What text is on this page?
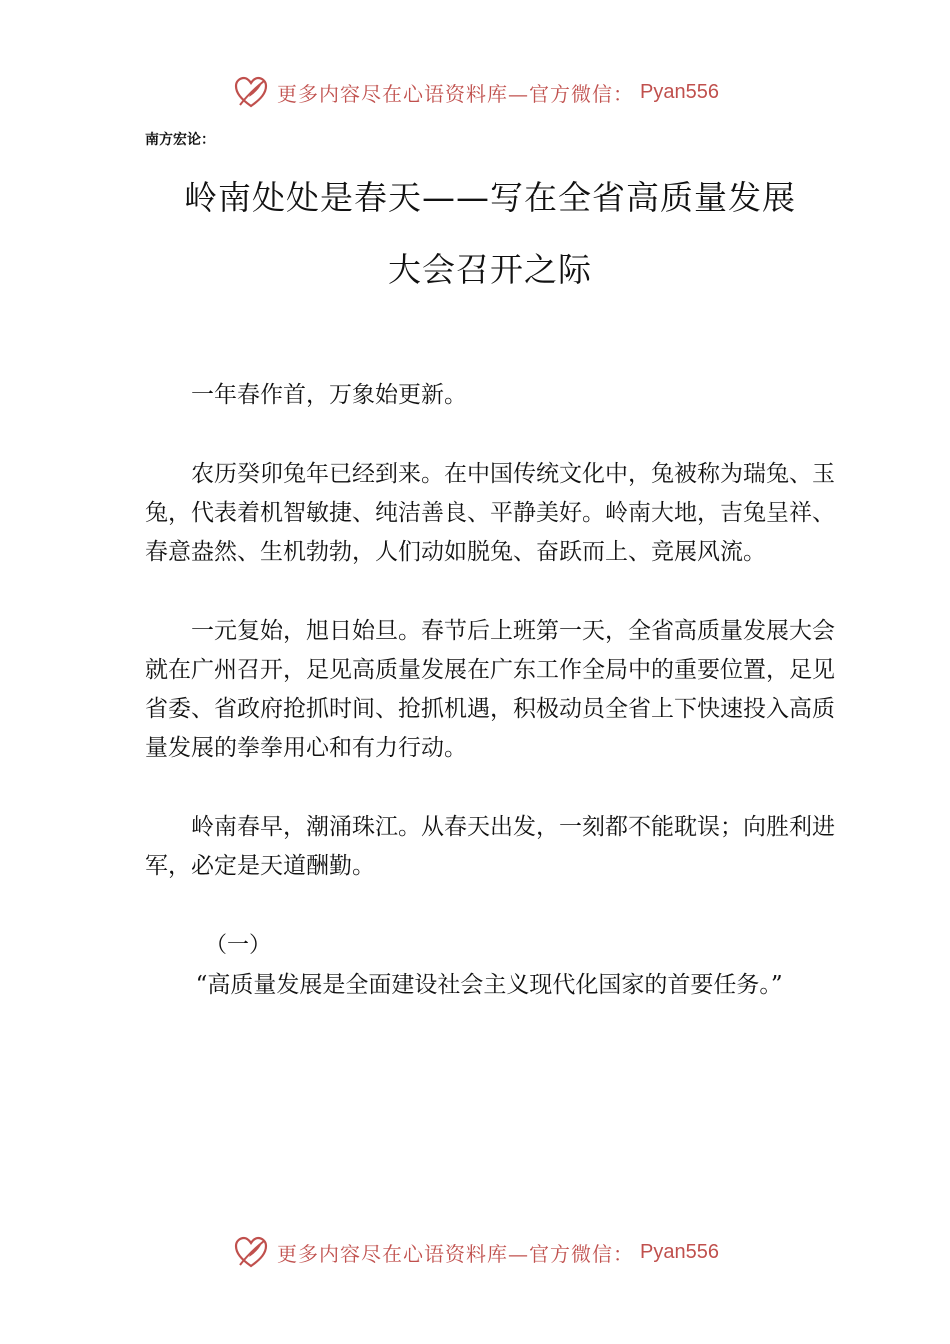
更多内容尽在心语资料库—官方微信： Pyan556

南方宏论：

岭南处处是春天——写在全省高质量发展
大会召开之际

一年春作首，万象始更新。

农历癸卯兔年已经到来。在中国传统文化中，兔被称为瑞兔、玉兔，代表着机智敏捷、纯洁善良、平静美好。岭南大地，吉兔呈祥、春意盎然、生机勃勃，人们动如脱兔、奋跃而上、竞展风流。

一元复始，旭日始旦。春节后上班第一天，全省高质量发展大会就在广州召开，足见高质量发展在广东工作全局中的重要位置，足见省委、省政府抢抓时间、抢抓机遇，积极动员全省上下快速投入高质量发展的拳拳用心和有力行动。

岭南春早，潮涌珠江。从春天出发，一刻都不能耽误；向胜利进军，必定是天道酬勤。

（一）

“高质量发展是全面建设社会主义现代化国家的首要任务。”

更多内容尽在心语资料库—官方微信： Pyan556
